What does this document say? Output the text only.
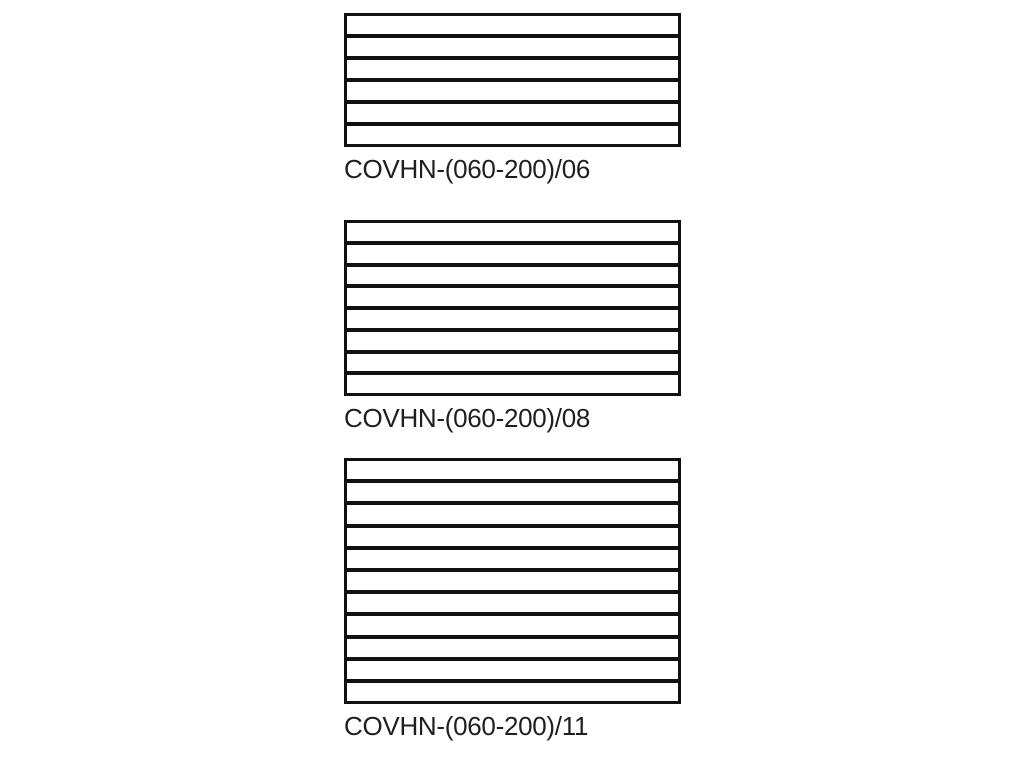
COVHN-(060-200)/06
COVHN-(060-200)/08
COVHN-(060-200)/11
